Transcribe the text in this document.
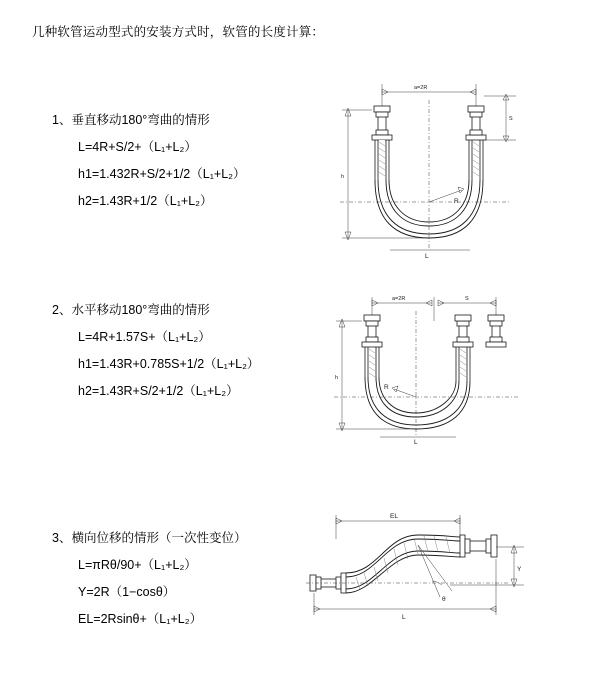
几种软管运动型式的安装方式时，软管的长度计算：
1、垂直移动180°弯曲的情形
L=4R+S/2+（L₁+L₂）
h1=1.432R+S/2+1/2（L₁+L₂）
h2=1.43R+1/2（L₁+L₂）
a=2R
S
h
R
L
2、水平移动180°弯曲的情形
L=4R+1.57S+（L₁+L₂）
h1=1.43R+0.785S+1/2（L₁+L₂）
h2=1.43R+S/2+1/2（L₁+L₂）
a=2R	S
h
R
L
3、横向位移的情形（一次性变位）
L=πRθ/90+（L₁+L₂）
Y=2R（1−cosθ）
EL=2Rsinθ+（L₁+L₂）
EL
Y
θ
L
